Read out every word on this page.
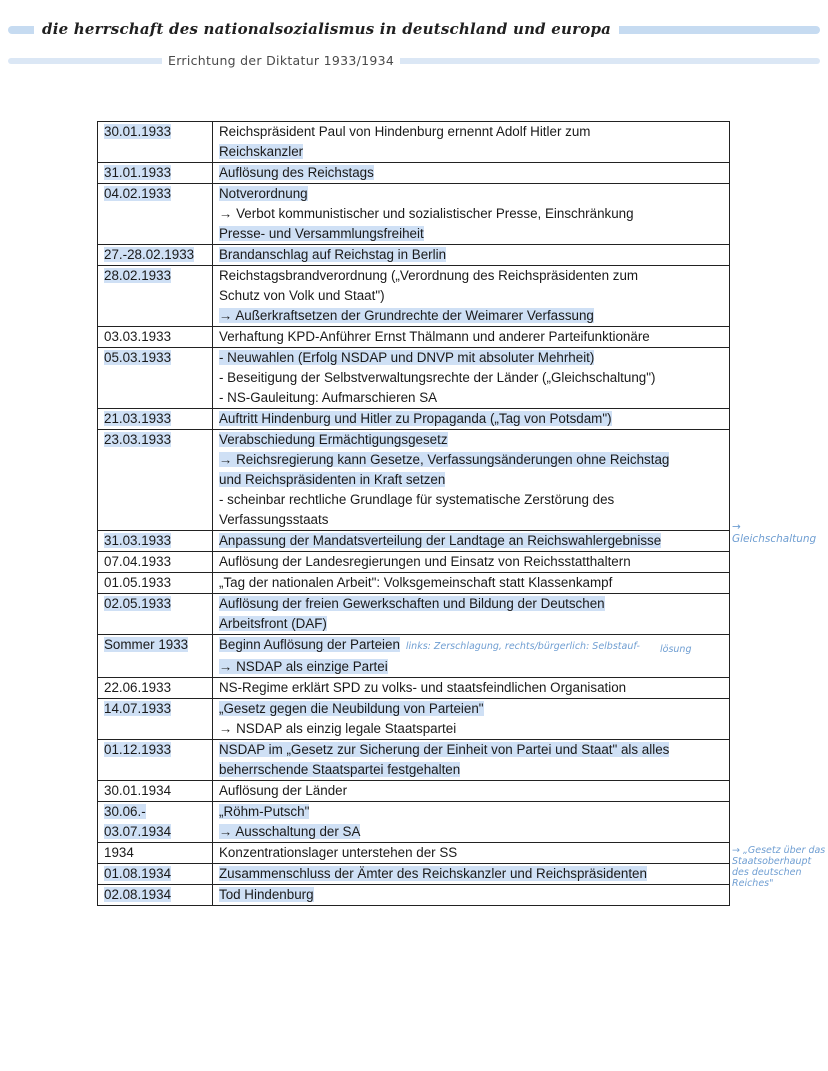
die herrschaft des nationalsozialismus in deutschland und europa
Errichtung der Diktatur 1933/1934
30.01.1933	Reichspräsident Paul von Hindenburg ernennt Adolf Hitler zum
Reichskanzler

31.01.1933	Auflösung des Reichstags

04.02.1933	Notverordnung
→ Verbot kommunistischer und sozialistischer Presse, Einschränkung
Presse- und Versammlungsfreiheit

27.-28.02.1933	Brandanschlag auf Reichstag in Berlin

28.02.1933	Reichstagsbrandverordnung („Verordnung des Reichspräsidenten zum
Schutz von Volk und Staat")
→ Außerkraftsetzen der Grundrechte der Weimarer Verfassung

03.03.1933	Verhaftung KPD-Anführer Ernst Thälmann und anderer Parteifunktionäre

05.03.1933	- Neuwahlen (Erfolg NSDAP und DNVP mit absoluter Mehrheit)
- Beseitigung der Selbstverwaltungsrechte der Länder („Gleichschaltung")
- NS-Gauleitung: Aufmarschieren SA

21.03.1933	Auftritt Hindenburg und Hitler zu Propaganda („Tag von Potsdam")

23.03.1933	Verabschiedung Ermächtigungsgesetz
→ Reichsregierung kann Gesetze, Verfassungsänderungen ohne Reichstag
und Reichspräsidenten in Kraft setzen
- scheinbar rechtliche Grundlage für systematische Zerstörung des
Verfassungsstaats

31.03.1933	Anpassung der Mandatsverteilung der Landtage an Reichswahlergebnisse

07.04.1933	Auflösung der Landesregierungen und Einsatz von Reichsstatthaltern

01.05.1933	„Tag der nationalen Arbeit": Volksgemeinschaft statt Klassenkampf

02.05.1933	Auflösung der freien Gewerkschaften und Bildung der Deutschen
Arbeitsfront (DAF)

Sommer 1933	Beginn Auflösung der Parteien links: Zerschlagung, rechts/bürgerlich: Selbstauf-
→ NSDAP als einzige Partei

22.06.1933	NS-Regime erklärt SPD zu volks- und staatsfeindlichen Organisation

14.07.1933	„Gesetz gegen die Neubildung von Parteien"
→ NSDAP als einzig legale Staatspartei

01.12.1933	NSDAP im „Gesetz zur Sicherung der Einheit von Partei und Staat" als alles
beherrschende Staatspartei festgehalten

30.01.1934	Auflösung der Länder

30.06.-
03.07.1934	„Röhm-Putsch"
→ Ausschaltung der SA

1934	Konzentrationslager unterstehen der SS

01.08.1934	Zusammenschluss der Ämter des Reichskanzler und Reichspräsidenten

02.08.1934	Tod Hindenburg
→ Gleichschaltung
lösung
→ „Gesetz über das
Staatsoberhaupt
des deutschen
Reiches"
